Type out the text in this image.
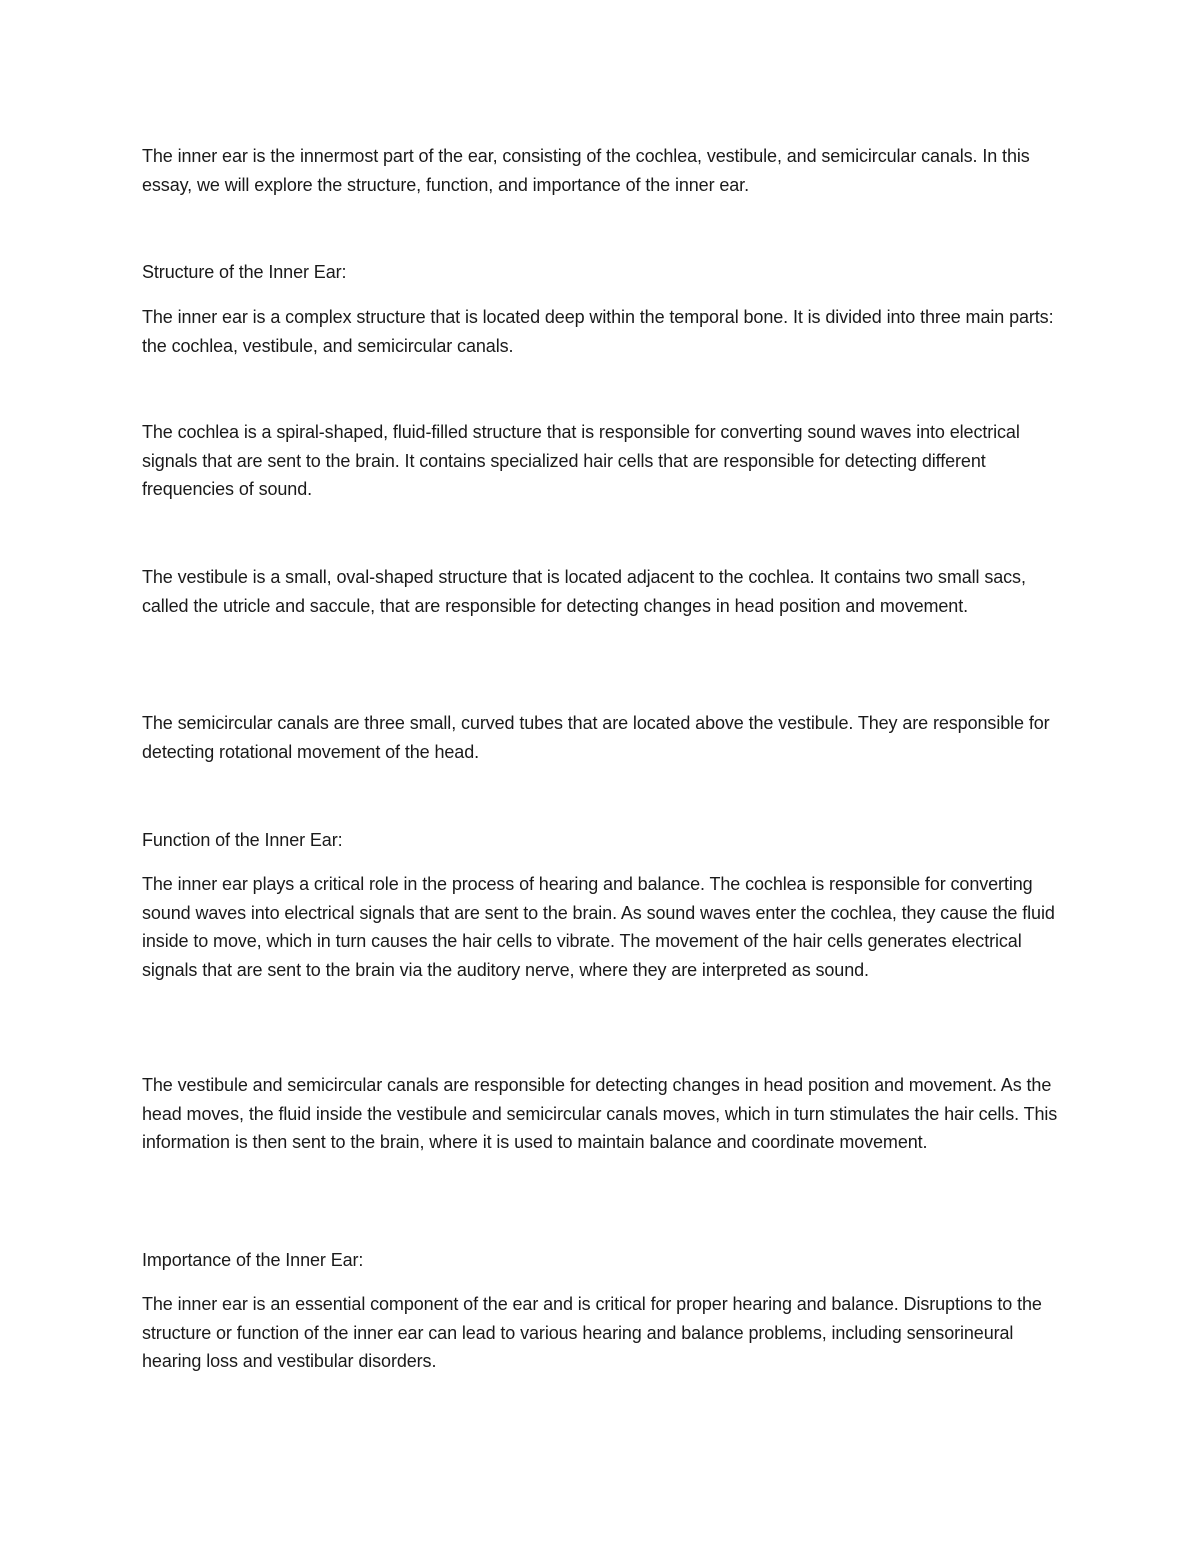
The inner ear is the innermost part of the ear, consisting of the cochlea, vestibule, and semicircular canals. In this essay, we will explore the structure, function, and importance of the inner ear.

Structure of the Inner Ear:

The inner ear is a complex structure that is located deep within the temporal bone. It is divided into three main parts: the cochlea, vestibule, and semicircular canals.

The cochlea is a spiral-shaped, fluid-filled structure that is responsible for converting sound waves into electrical signals that are sent to the brain. It contains specialized hair cells that are responsible for detecting different frequencies of sound.

The vestibule is a small, oval-shaped structure that is located adjacent to the cochlea. It contains two small sacs, called the utricle and saccule, that are responsible for detecting changes in head position and movement.

The semicircular canals are three small, curved tubes that are located above the vestibule. They are responsible for detecting rotational movement of the head.

Function of the Inner Ear:

The inner ear plays a critical role in the process of hearing and balance. The cochlea is responsible for converting sound waves into electrical signals that are sent to the brain. As sound waves enter the cochlea, they cause the fluid inside to move, which in turn causes the hair cells to vibrate. The movement of the hair cells generates electrical signals that are sent to the brain via the auditory nerve, where they are interpreted as sound.

The vestibule and semicircular canals are responsible for detecting changes in head position and movement. As the head moves, the fluid inside the vestibule and semicircular canals moves, which in turn stimulates the hair cells. This information is then sent to the brain, where it is used to maintain balance and coordinate movement.

Importance of the Inner Ear:

The inner ear is an essential component of the ear and is critical for proper hearing and balance. Disruptions to the structure or function of the inner ear can lead to various hearing and balance problems, including sensorineural hearing loss and vestibular disorders.
